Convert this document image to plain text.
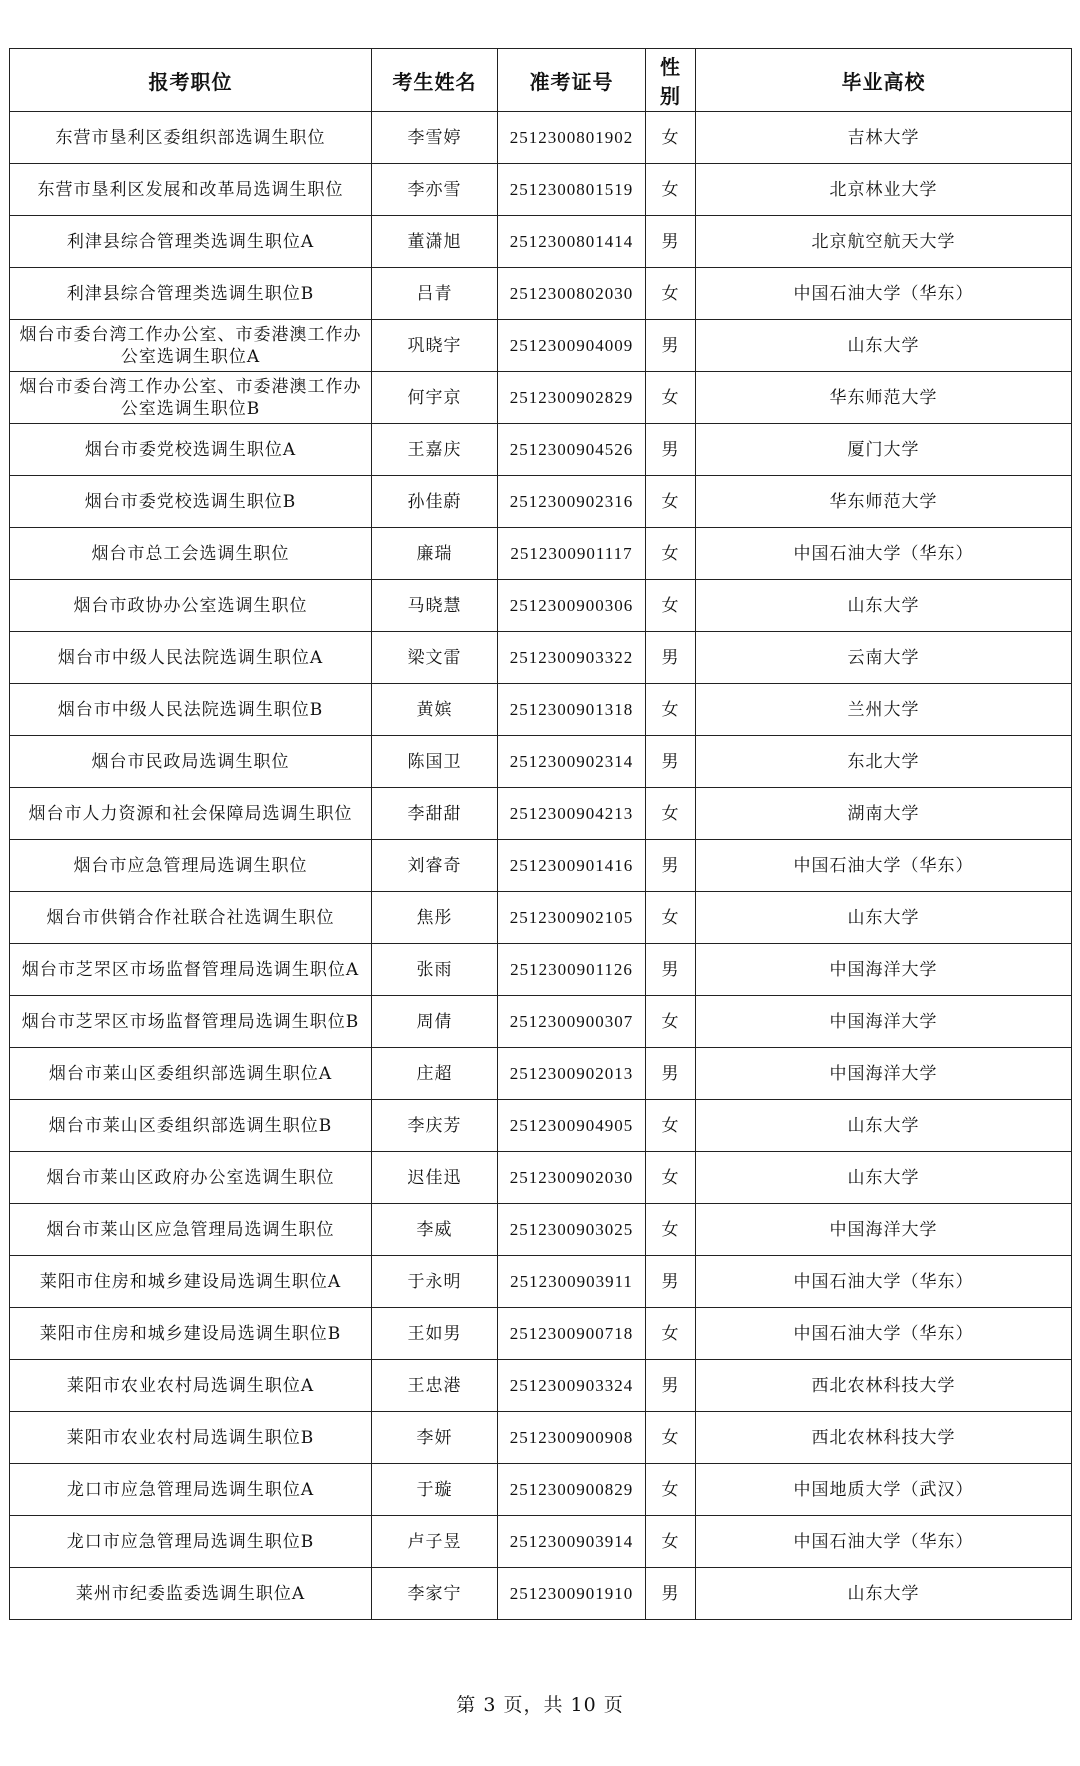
报考职位	考生姓名	准考证号	性别	毕业高校
东营市垦利区委组织部选调生职位	李雪婷	2512300801902	女	吉林大学
东营市垦利区发展和改革局选调生职位	李亦雪	2512300801519	女	北京林业大学
利津县综合管理类选调生职位A	董潇旭	2512300801414	男	北京航空航天大学
利津县综合管理类选调生职位B	吕青	2512300802030	女	中国石油大学（华东）
烟台市委台湾工作办公室、市委港澳工作办公室选调生职位A	巩晓宇	2512300904009	男	山东大学
烟台市委台湾工作办公室、市委港澳工作办公室选调生职位B	何宇京	2512300902829	女	华东师范大学
烟台市委党校选调生职位A	王嘉庆	2512300904526	男	厦门大学
烟台市委党校选调生职位B	孙佳蔚	2512300902316	女	华东师范大学
烟台市总工会选调生职位	廉瑞	2512300901117	女	中国石油大学（华东）
烟台市政协办公室选调生职位	马晓慧	2512300900306	女	山东大学
烟台市中级人民法院选调生职位A	梁文雷	2512300903322	男	云南大学
烟台市中级人民法院选调生职位B	黄嫔	2512300901318	女	兰州大学
烟台市民政局选调生职位	陈国卫	2512300902314	男	东北大学
烟台市人力资源和社会保障局选调生职位	李甜甜	2512300904213	女	湖南大学
烟台市应急管理局选调生职位	刘睿奇	2512300901416	男	中国石油大学（华东）
烟台市供销合作社联合社选调生职位	焦彤	2512300902105	女	山东大学
烟台市芝罘区市场监督管理局选调生职位A	张雨	2512300901126	男	中国海洋大学
烟台市芝罘区市场监督管理局选调生职位B	周倩	2512300900307	女	中国海洋大学
烟台市莱山区委组织部选调生职位A	庄超	2512300902013	男	中国海洋大学
烟台市莱山区委组织部选调生职位B	李庆芳	2512300904905	女	山东大学
烟台市莱山区政府办公室选调生职位	迟佳迅	2512300902030	女	山东大学
烟台市莱山区应急管理局选调生职位	李威	2512300903025	女	中国海洋大学
莱阳市住房和城乡建设局选调生职位A	于永明	2512300903911	男	中国石油大学（华东）
莱阳市住房和城乡建设局选调生职位B	王如男	2512300900718	女	中国石油大学（华东）
莱阳市农业农村局选调生职位A	王忠港	2512300903324	男	西北农林科技大学
莱阳市农业农村局选调生职位B	李妍	2512300900908	女	西北农林科技大学
龙口市应急管理局选调生职位A	于璇	2512300900829	女	中国地质大学（武汉）
龙口市应急管理局选调生职位B	卢子昱	2512300903914	女	中国石油大学（华东）
莱州市纪委监委选调生职位A	李家宁	2512300901910	男	山东大学
第 3 页，共 10 页
